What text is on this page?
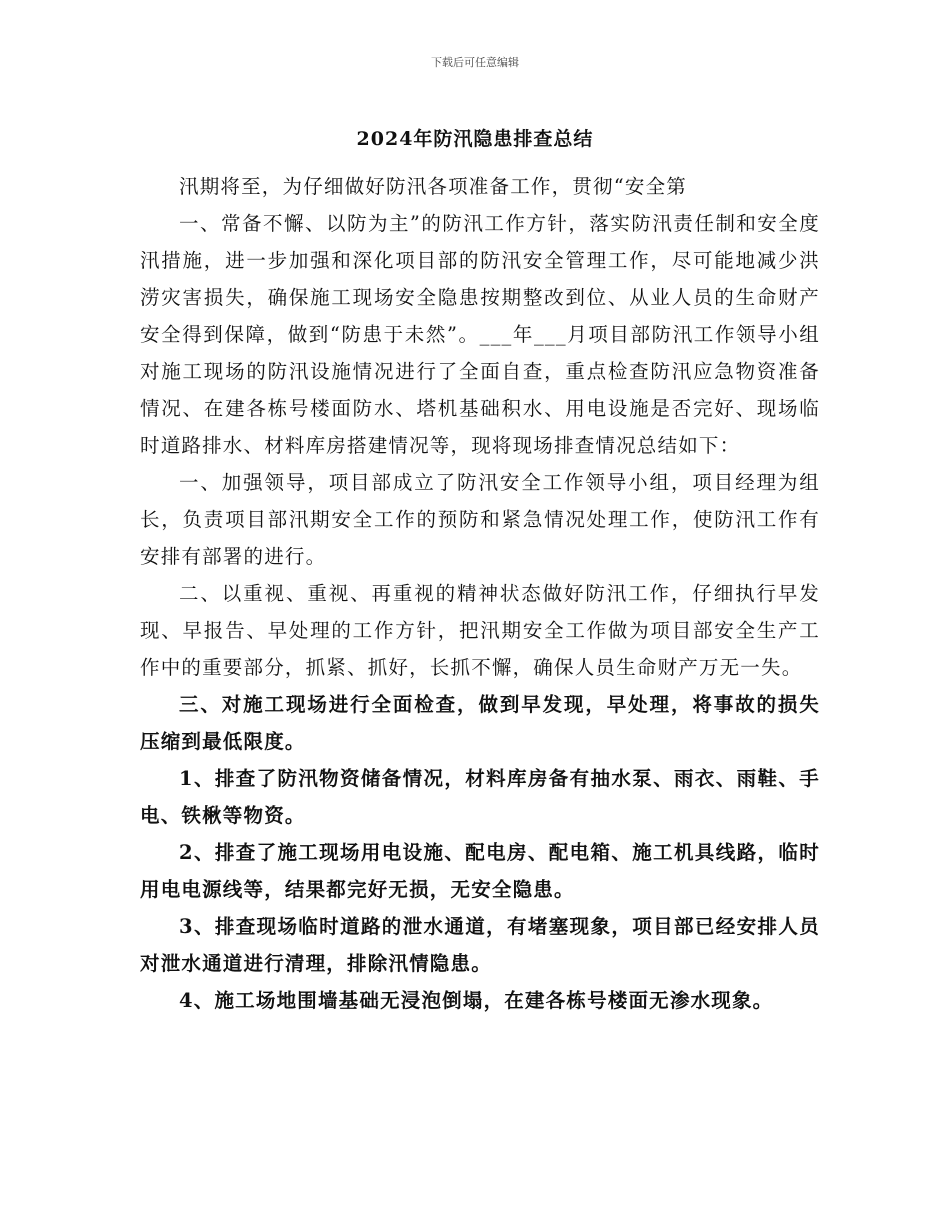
下载后可任意编辑
2024年防汛隐患排查总结

汛期将至，为仔细做好防汛各项准备工作，贯彻“安全第

一、常备不懈、以防为主”的防汛工作方针，落实防汛责任制和安全度汛措施，进一步加强和深化项目部的防汛安全管理工作，尽可能地减少洪涝灾害损失，确保施工现场安全隐患按期整改到位、从业人员的生命财产安全得到保障，做到“防患于未然”。___年___月项目部防汛工作领导小组对施工现场的防汛设施情况进行了全面自查，重点检查防汛应急物资准备情况、在建各栋号楼面防水、塔机基础积水、用电设施是否完好、现场临时道路排水、材料库房搭建情况等，现将现场排查情况总结如下：

一、加强领导，项目部成立了防汛安全工作领导小组，项目经理为组长，负责项目部汛期安全工作的预防和紧急情况处理工作，使防汛工作有安排有部署的进行。

二、以重视、重视、再重视的精神状态做好防汛工作，仔细执行早发现、早报告、早处理的工作方针，把汛期安全工作做为项目部安全生产工作中的重要部分，抓紧、抓好，长抓不懈，确保人员生命财产万无一失。

三、对施工现场进行全面检查，做到早发现，早处理，将事故的损失压缩到最低限度。

1、排查了防汛物资储备情况，材料库房备有抽水泵、雨衣、雨鞋、手电、铁楸等物资。

2、排查了施工现场用电设施、配电房、配电箱、施工机具线路，临时用电电源线等，结果都完好无损，无安全隐患。

3、排查现场临时道路的泄水通道，有堵塞现象，项目部已经安排人员对泄水通道进行清理，排除汛情隐患。

4、施工场地围墙基础无浸泡倒塌，在建各栋号楼面无渗水现象。
